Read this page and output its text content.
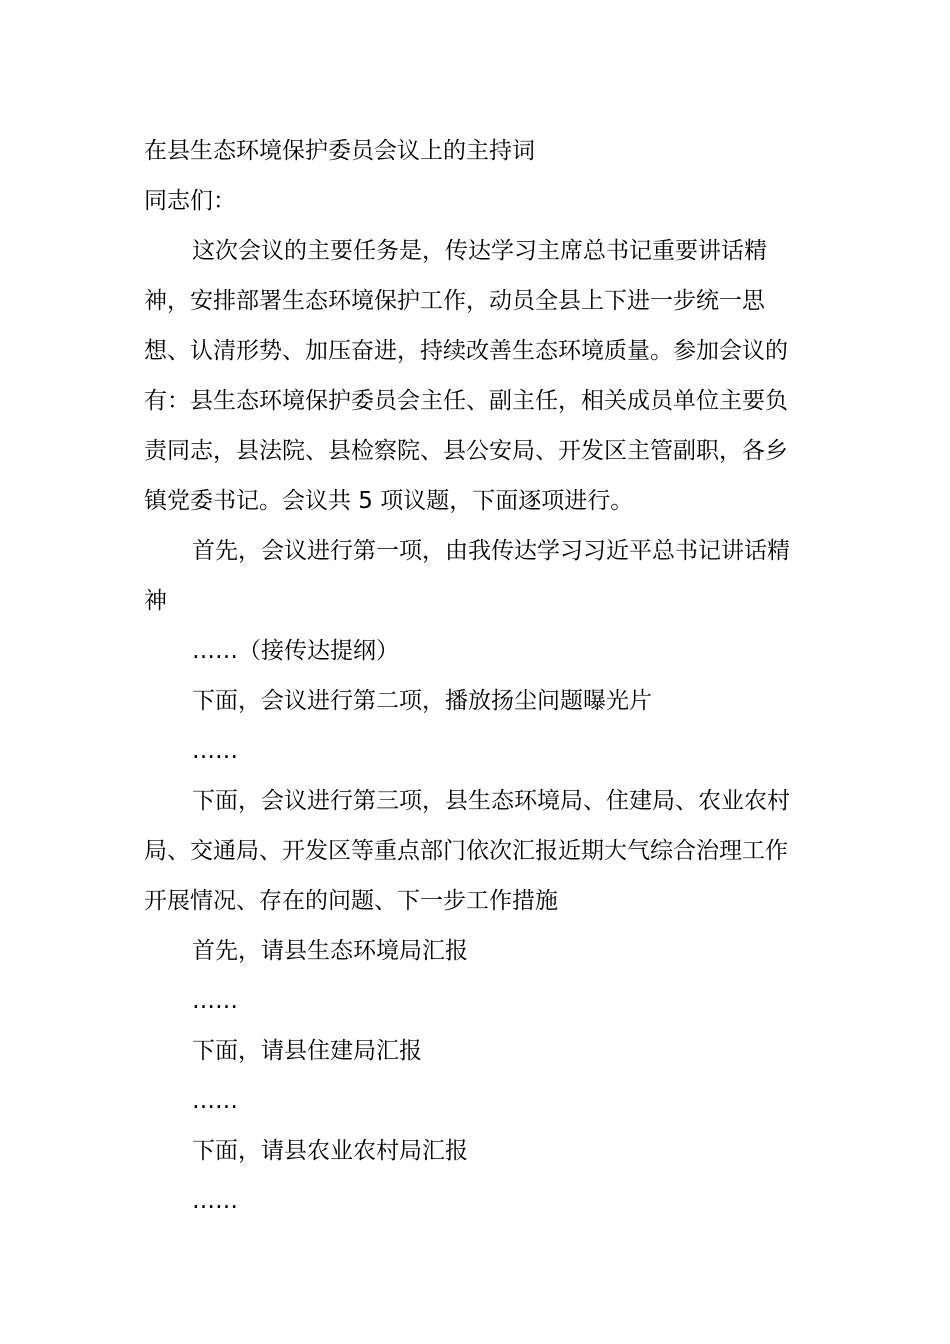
在县生态环境保护委员会议上的主持词

同志们：

这次会议的主要任务是，传达学习主席总书记重要讲话精神，安排部署生态环境保护工作，动员全县上下进一步统一思想、认清形势、加压奋进，持续改善生态环境质量。参加会议的有：县生态环境保护委员会主任、副主任，相关成员单位主要负责同志，县法院、县检察院、县公安局、开发区主管副职，各乡镇党委书记。会议共 5 项议题，下面逐项进行。

首先，会议进行第一项，由我传达学习习近平总书记讲话精神

……（接传达提纲）

下面，会议进行第二项，播放扬尘问题曝光片

……

下面，会议进行第三项，县生态环境局、住建局、农业农村局、交通局、开发区等重点部门依次汇报近期大气综合治理工作开展情况、存在的问题、下一步工作措施

首先，请县生态环境局汇报

……

下面，请县住建局汇报

……

下面，请县农业农村局汇报

……
